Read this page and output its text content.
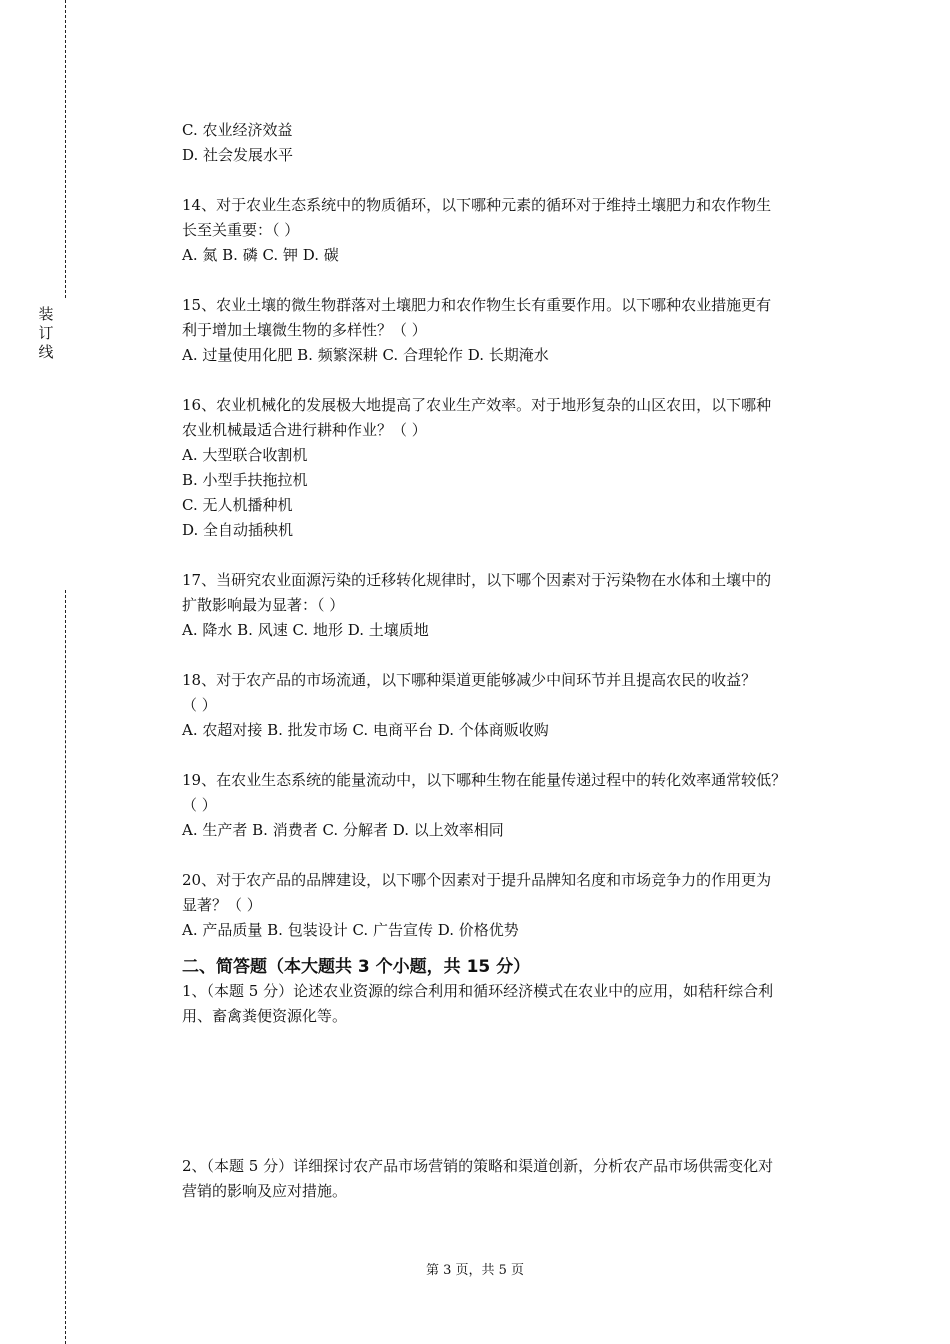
装
订
线
C. 农业经济效益
D. 社会发展水平
14、对于农业生态系统中的物质循环，以下哪种元素的循环对于维持土壤肥力和农作物生
长至关重要：（ ）
A. 氮 B. 磷 C. 钾 D. 碳
15、农业土壤的微生物群落对土壤肥力和农作物生长有重要作用。以下哪种农业措施更有
利于增加土壤微生物的多样性？（ ）
A. 过量使用化肥 B. 频繁深耕 C. 合理轮作 D. 长期淹水
16、农业机械化的发展极大地提高了农业生产效率。对于地形复杂的山区农田，以下哪种
农业机械最适合进行耕种作业？（ ）
A. 大型联合收割机
B. 小型手扶拖拉机
C. 无人机播种机
D. 全自动插秧机
17、当研究农业面源污染的迁移转化规律时，以下哪个因素对于污染物在水体和土壤中的
扩散影响最为显著：（ ）
A. 降水 B. 风速 C. 地形 D. 土壤质地
18、对于农产品的市场流通，以下哪种渠道更能够减少中间环节并且提高农民的收益？
（ ）
A. 农超对接 B. 批发市场 C. 电商平台 D. 个体商贩收购
19、在农业生态系统的能量流动中，以下哪种生物在能量传递过程中的转化效率通常较低？
（ ）
A. 生产者 B. 消费者 C. 分解者 D. 以上效率相同
20、对于农产品的品牌建设，以下哪个因素对于提升品牌知名度和市场竞争力的作用更为
显著？（ ）
A. 产品质量 B. 包装设计 C. 广告宣传 D. 价格优势
二、简答题（本大题共 3 个小题，共 15 分）
1、（本题 5 分）论述农业资源的综合利用和循环经济模式在农业中的应用，如秸秆综合利
用、畜禽粪便资源化等。
2、（本题 5 分）详细探讨农产品市场营销的策略和渠道创新，分析农产品市场供需变化对
营销的影响及应对措施。
第 3 页，共 5 页
